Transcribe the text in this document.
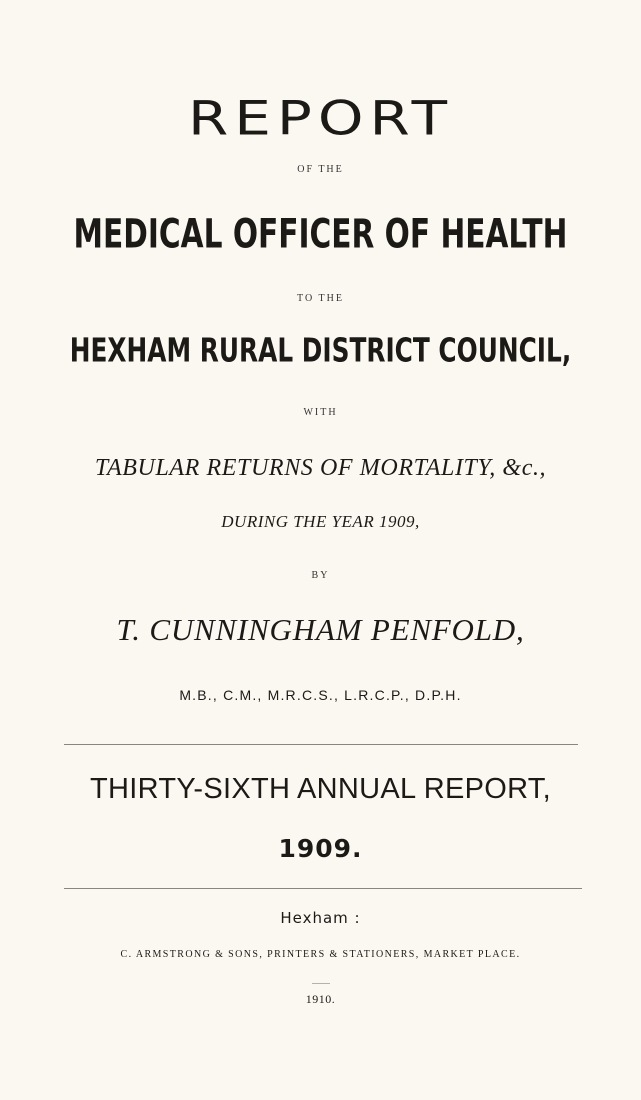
REPORT
OF THE
MEDICAL OFFICER OF HEALTH
TO THE
HEXHAM RURAL DISTRICT COUNCIL,
WITH
TABULAR RETURNS OF MORTALITY, &c.,
DURING THE YEAR 1909,
BY
T. CUNNINGHAM PENFOLD,
M.B., C.M., M.R.C.S., L.R.C.P., D.P.H.
THIRTY-SIXTH ANNUAL REPORT,
1909.
Hexham :
C. ARMSTRONG & SONS, PRINTERS & STATIONERS, MARKET PLACE.
1910.
